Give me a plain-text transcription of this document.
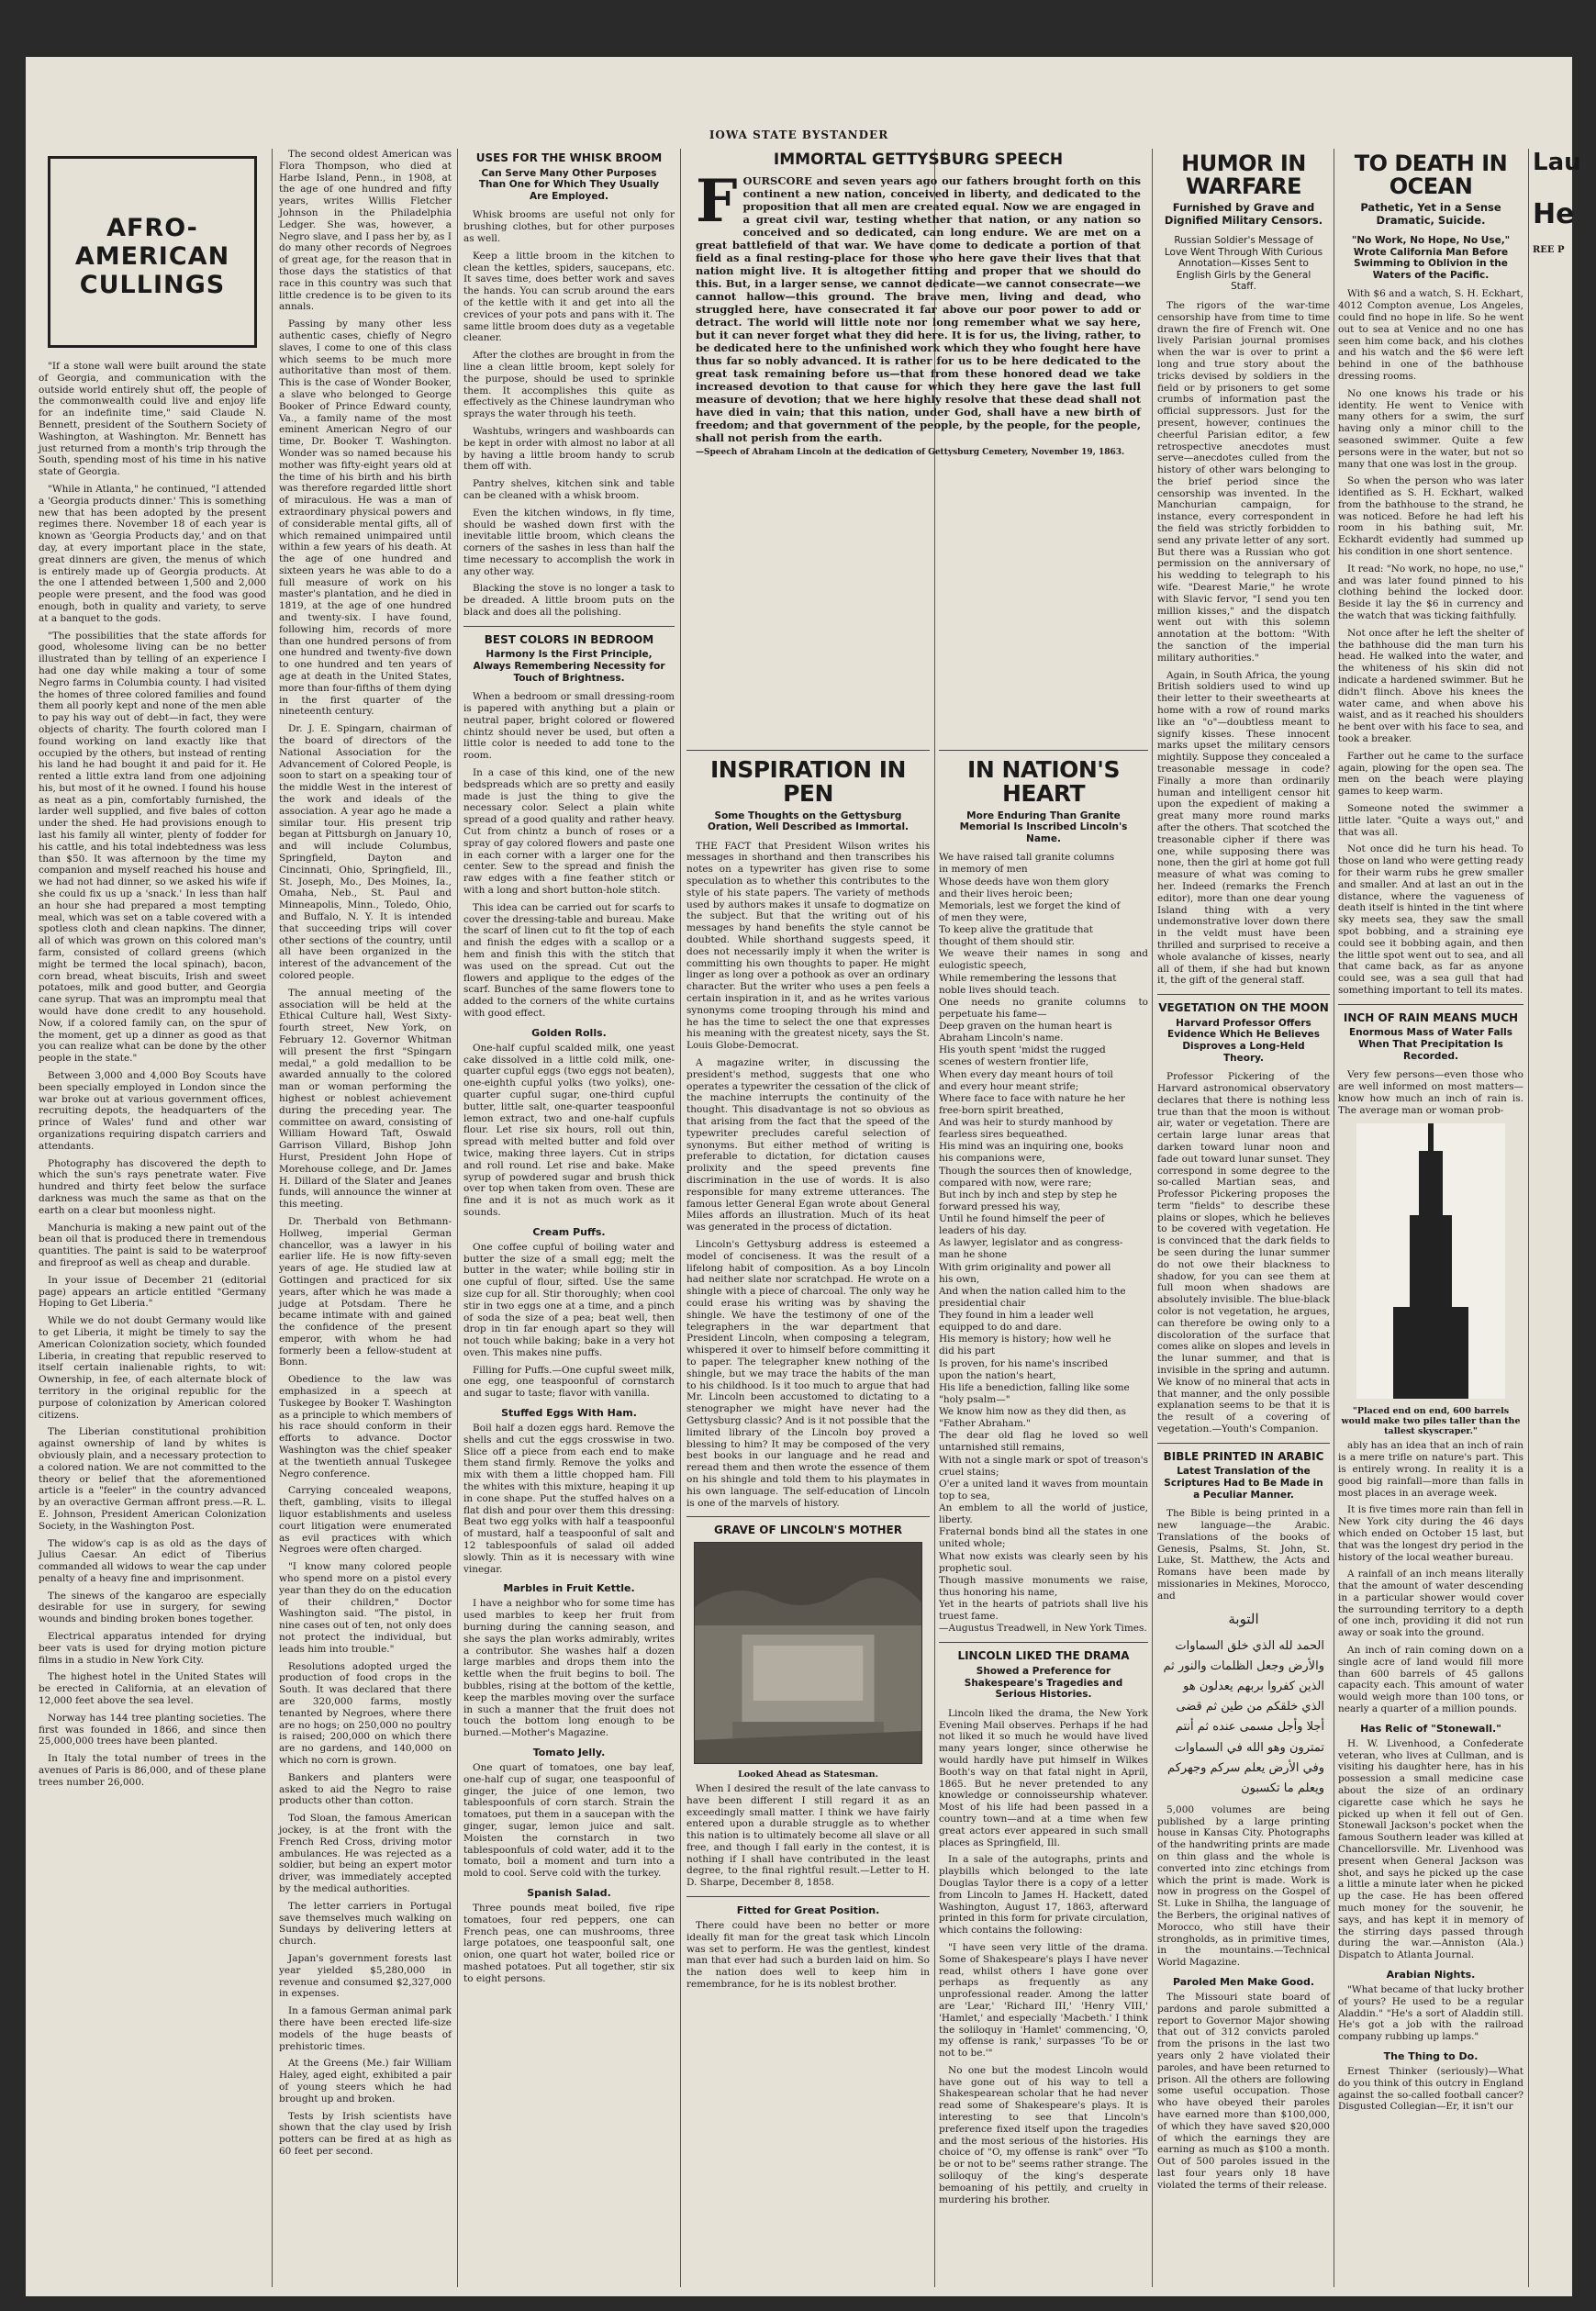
IOWA STATE BYSTANDER
AFRO-AMERICAN CULLINGS

"If a stone wall were built around the state of Georgia, and communication with the outside world entirely shut off, the people of the commonwealth could live and enjoy life for an indefinite time," said Claude N. Bennett, president of the Southern Society of Washington, at Washington. Mr. Bennett has just returned from a month's trip through the South, spending most of his time in his native state of Georgia.

"While in Atlanta," he continued, "I attended a 'Georgia products dinner.' This is something new that has been adopted by the present regimes there. November 18 of each year is known as 'Georgia Products day,' and on that day, at every important place in the state, great dinners are given, the menus of which is entirely made up of Georgia products. At the one I attended between 1,500 and 2,000 people were present, and the food was good enough, both in quality and variety, to serve at a banquet to the gods.

"The possibilities that the state affords for good, wholesome living can be no better illustrated than by telling of an experience I had one day while making a tour of some Negro farms in Columbia county. I had visited the homes of three colored families and found them all poorly kept and none of the men able to pay his way out of debt—in fact, they were objects of charity. The fourth colored man I found working on land exactly like that occupied by the others, but instead of renting his land he had bought it and paid for it. He rented a little extra land from one adjoining his, but most of it he owned. I found his house as neat as a pin, comfortably furnished, the larder well supplied, and five bales of cotton under the shed. He had provisions enough to last his family all winter, plenty of fodder for his cattle, and his total indebtedness was less than $50. It was afternoon by the time my companion and myself reached his house and we had not had dinner, so we asked his wife if she could fix us up a 'snack.' In less than half an hour she had prepared a most tempting meal, which was set on a table covered with a spotless cloth and clean napkins. The dinner, all of which was grown on this colored man's farm, consisted of collard greens (which might be termed the local spinach), bacon, corn bread, wheat biscuits, Irish and sweet potatoes, milk and good butter, and Georgia cane syrup. That was an impromptu meal that would have done credit to any household. Now, if a colored family can, on the spur of the moment, get up a dinner as good as that you can realize what can be done by the other people in the state."

Between 3,000 and 4,000 Boy Scouts have been specially employed in London since the war broke out at various government offices, recruiting depots, the headquarters of the prince of Wales' fund and other war organizations requiring dispatch carriers and attendants.

Photography has discovered the depth to which the sun's rays penetrate water. Five hundred and thirty feet below the surface darkness was much the same as that on the earth on a clear but moonless night.

Manchuria is making a new paint out of the bean oil that is produced there in tremendous quantities. The paint is said to be waterproof and fireproof as well as cheap and durable.

In your issue of December 21 (editorial page) appears an article entitled "Germany Hoping to Get Liberia."

While we do not doubt Germany would like to get Liberia, it might be timely to say the American Colonization society, which founded Liberia, in creating that republic reserved to itself certain inalienable rights, to wit: Ownership, in fee, of each alternate block of territory in the original republic for the purpose of colonization by American colored citizens.

The Liberian constitutional prohibition against ownership of land by whites is obviously plain, and a necessary protection to a colored nation. We are not committed to the theory or belief that the aforementioned article is a "feeler" in the country advanced by an overactive German affront press.—R. L. E. Johnson, President American Colonization Society, in the Washington Post.

The widow's cap is as old as the days of Julius Caesar. An edict of Tiberius commanded all widows to wear the cap under penalty of a heavy fine and imprisonment.

The sinews of the kangaroo are especially desirable for use in surgery, for sewing wounds and binding broken bones together.

Electrical apparatus intended for drying beer vats is used for drying motion picture films in a studio in New York City.

The highest hotel in the United States will be erected in California, at an elevation of 12,000 feet above the sea level.

Norway has 144 tree planting societies. The first was founded in 1866, and since then 25,000,000 trees have been planted.

In Italy the total number of trees in the avenues of Paris is 86,000, and of these plane trees number 26,000.

The second oldest American was Flora Thompson, who died at Harbe Island, Penn., in 1908, at the age of one hundred and fifty years, writes Willis Fletcher Johnson in the Philadelphia Ledger. She was, however, a Negro slave, and I pass her by, as I do many other records of Negroes of great age, for the reason that in those days the statistics of that race in this country was such that little credence is to be given to its annals.

Passing by many other less authentic cases, chiefly of Negro slaves, I come to one of this class which seems to be much more authoritative than most of them. This is the case of Wonder Booker, a slave who belonged to George Booker of Prince Edward county, Va., a family name of the most eminent American Negro of our time, Dr. Booker T. Washington. Wonder was so named because his mother was fifty-eight years old at the time of his birth and his birth was therefore regarded little short of miraculous. He was a man of extraordinary physical powers and of considerable mental gifts, all of which remained unimpaired until within a few years of his death. At the age of one hundred and sixteen years he was able to do a full measure of work on his master's plantation, and he died in 1819, at the age of one hundred and twenty-six. I have found, following him, records of more than one hundred persons of from one hundred and twenty-five down to one hundred and ten years of age at death in the United States, more than four-fifths of them dying in the first quarter of the nineteenth century.

Dr. J. E. Spingarn, chairman of the board of directors of the National Association for the Advancement of Colored People, is soon to start on a speaking tour of the middle West in the interest of the work and ideals of the association. A year ago he made a similar tour. His present trip began at Pittsburgh on January 10, and will include Columbus, Springfield, Dayton and Cincinnati, Ohio, Springfield, Ill., St. Joseph, Mo., Des Moines, Ia., Omaha, Neb., St. Paul and Minneapolis, Minn., Toledo, Ohio, and Buffalo, N. Y. It is intended that succeeding trips will cover other sections of the country, until all have been organized in the interest of the advancement of the colored people.

The annual meeting of the association will be held at the Ethical Culture hall, West Sixty-fourth street, New York, on February 12. Governor Whitman will present the first "Spingarn medal," a gold medallion to be awarded annually to the colored man or woman performing the highest or noblest achievement during the preceding year. The committee on award, consisting of William Howard Taft, Oswald Garrison Villard, Bishop John Hurst, President John Hope of Morehouse college, and Dr. James H. Dillard of the Slater and Jeanes funds, will announce the winner at this meeting.

Dr. Therbald von Bethmann-Hollweg, imperial German chancellor, was a lawyer in his earlier life. He is now fifty-seven years of age. He studied law at Gottingen and practiced for six years, after which he was made a judge at Potsdam. There he became intimate with and gained the confidence of the present emperor, with whom he had formerly been a fellow-student at Bonn.

Obedience to the law was emphasized in a speech at Tuskegee by Booker T. Washington as a principle to which members of his race should conform in their efforts to advance. Doctor Washington was the chief speaker at the twentieth annual Tuskegee Negro conference.

Carrying concealed weapons, theft, gambling, visits to illegal liquor establishments and useless court litigation were enumerated as evil practices with which Negroes were often charged.

"I know many colored people who spend more on a pistol every year than they do on the education of their children," Doctor Washington said. "The pistol, in nine cases out of ten, not only does not protect the individual, but leads him into trouble."

Resolutions adopted urged the production of food crops in the South. It was declared that there are 320,000 farms, mostly tenanted by Negroes, where there are no hogs; on 250,000 no poultry is raised; 200,000 on which there are no gardens, and 140,000 on which no corn is grown.

Bankers and planters were asked to aid the Negro to raise products other than cotton.

Tod Sloan, the famous American jockey, is at the front with the French Red Cross, driving motor ambulances. He was rejected as a soldier, but being an expert motor driver, was immediately accepted by the medical authorities.

The letter carriers in Portugal save themselves much walking on Sundays by delivering letters at church.

Japan's government forests last year yielded $5,280,000 in revenue and consumed $2,327,000 in expenses.

In a famous German animal park there have been erected life-size models of the huge beasts of prehistoric times.

At the Greens (Me.) fair William Haley, aged eight, exhibited a pair of young steers which he had brought up and broken.

Tests by Irish scientists have shown that the clay used by Irish potters can be fired at as high as 60 feet per second.

USES FOR THE WHISK BROOM
Can Serve Many Other Purposes Than One for Which They Usually Are Employed.

Whisk brooms are useful not only for brushing clothes, but for other purposes as well.

Keep a little broom in the kitchen to clean the kettles, spiders, saucepans, etc. It saves time, does better work and saves the hands. You can scrub around the ears of the kettle with it and get into all the crevices of your pots and pans with it. The same little broom does duty as a vegetable cleaner.

After the clothes are brought in from the line a clean little broom, kept solely for the purpose, should be used to sprinkle them. It accomplishes this quite as effectively as the Chinese laundryman who sprays the water through his teeth.

Washtubs, wringers and washboards can be kept in order with almost no labor at all by having a little broom handy to scrub them off with.

Pantry shelves, kitchen sink and table can be cleaned with a whisk broom.

Even the kitchen windows, in fly time, should be washed down first with the inevitable little broom, which cleans the corners of the sashes in less than half the time necessary to accomplish the work in any other way.

Blacking the stove is no longer a task to be dreaded. A little broom puts on the black and does all the polishing.

BEST COLORS IN BEDROOM
Harmony Is the First Principle, Always Remembering Necessity for Touch of Brightness.

When a bedroom or small dressing-room is papered with anything but a plain or neutral paper, bright colored or flowered chintz should never be used, but often a little color is needed to add tone to the room.

In a case of this kind, one of the new bedspreads which are so pretty and easily made is just the thing to give the necessary color. Select a plain white spread of a good quality and rather heavy. Cut from chintz a bunch of roses or a spray of gay colored flowers and paste one in each corner with a larger one for the center. Sew to the spread and finish the raw edges with a fine feather stitch or with a long and short button-hole stitch.

This idea can be carried out for scarfs to cover the dressing-table and bureau. Make the scarf of linen cut to fit the top of each and finish the edges with a scallop or a hem and finish this with the stitch that was used on the spread. Cut out the flowers and applique to the edges of the scarf. Bunches of the same flowers tone to added to the corners of the white curtains with good effect.

Golden Rolls.

One-half cupful scalded milk, one yeast cake dissolved in a little cold milk, one-quarter cupful eggs (two eggs not beaten), one-eighth cupful yolks (two yolks), one-quarter cupful sugar, one-third cupful butter, little salt, one-quarter teaspoonful lemon extract, two and one-half cupfuls flour. Let rise six hours, roll out thin, spread with melted butter and fold over twice, making three layers. Cut in strips and roll round. Let rise and bake. Make syrup of powdered sugar and brush thick over top when taken from oven. These are fine and it is not as much work as it sounds.

Cream Puffs.

One coffee cupful of boiling water and butter the size of a small egg; melt the butter in the water; while boiling stir in one cupful of flour, sifted. Use the same size cup for all. Stir thoroughly; when cool stir in two eggs one at a time, and a pinch of soda the size of a pea; beat well, then drop in tin far enough apart so they will not touch while baking; bake in a very hot oven. This makes nine puffs.

Filling for Puffs.—One cupful sweet milk, one egg, one teaspoonful of cornstarch and sugar to taste; flavor with vanilla.

Stuffed Eggs With Ham.

Boil half a dozen eggs hard. Remove the shells and cut the eggs crosswise in two. Slice off a piece from each end to make them stand firmly. Remove the yolks and mix with them a little chopped ham. Fill the whites with this mixture, heaping it up in cone shape. Put the stuffed halves on a flat dish and pour over them this dressing: Beat two egg yolks with half a teaspoonful of mustard, half a teaspoonful of salt and 12 tablespoonfuls of salad oil added slowly. Thin as it is necessary with wine vinegar.

Marbles in Fruit Kettle.

I have a neighbor who for some time has used marbles to keep her fruit from burning during the canning season, and she says the plan works admirably, writes a contributor. She washes half a dozen large marbles and drops them into the kettle when the fruit begins to boil. The bubbles, rising at the bottom of the kettle, keep the marbles moving over the surface in such a manner that the fruit does not touch the bottom long enough to be burned.—Mother's Magazine.

Tomato Jelly.

One quart of tomatoes, one bay leaf, one-half cup of sugar, one teaspoonful of ginger, the juice of one lemon, two tablespoonfuls of corn starch. Strain the tomatoes, put them in a saucepan with the ginger, sugar, lemon juice and salt. Moisten the cornstarch in two tablespoonfuls of cold water, add it to the tomato, boil a moment and turn into a mold to cool. Serve cold with the turkey.

Spanish Salad.

Three pounds meat boiled, five ripe tomatoes, four red peppers, one can French peas, one can mushrooms, three large potatoes, one teaspoonful salt, one onion, one quart hot water, boiled rice or mashed potatoes. Put all together, stir six to eight persons.

IMMORTAL GETTYSBURG SPEECH
FOURSCORE and seven years ago our fathers brought forth on this continent a new nation, conceived in liberty, and dedicated to the proposition that all men are created equal. Now we are engaged in a great civil war, testing whether that nation, or any nation so conceived and so dedicated, can long endure. We are met on a great battlefield of that war. We have come to dedicate a portion of that field as a final resting-place for those who here gave their lives that that nation might live. It is altogether fitting and proper that we should do this. But, in a larger sense, we cannot dedicate—we cannot consecrate—we cannot hallow—this ground. The brave men, living and dead, who struggled here, have consecrated it far above our poor power to add or detract. The world will little note nor long remember what we say here, but it can never forget what they did here. It is for us, the living, rather, to be dedicated here to the unfinished work which they who fought here have thus far so nobly advanced. It is rather for us to be here dedicated to the great task remaining before us—that from these honored dead we take increased devotion to that cause for which they here gave the last full measure of devotion; that we here highly resolve that these dead shall not have died in vain; that this nation, under God, shall have a new birth of freedom; and that government of the people, by the people, for the people, shall not perish from the earth.
—Speech of Abraham Lincoln at the dedication of Gettysburg Cemetery, November 19, 1863.
INSPIRATION IN PEN
Some Thoughts on the Gettysburg Oration, Well Described as Immortal.

THE FACT that President Wilson writes his messages in shorthand and then transcribes his notes on a typewriter has given rise to some speculation as to whether this contributes to the style of his state papers. The variety of methods used by authors makes it unsafe to dogmatize on the subject. But that the writing out of his messages by hand benefits the style cannot be doubted. While shorthand suggests speed, it does not necessarily imply it when the writer is committing his own thoughts to paper. He might linger as long over a pothook as over an ordinary character. But the writer who uses a pen feels a certain inspiration in it, and as he writes various synonyms come trooping through his mind and he has the time to select the one that expresses his meaning with the greatest nicety, says the St. Louis Globe-Democrat.

A magazine writer, in discussing the president's method, suggests that one who operates a typewriter the cessation of the click of the machine interrupts the continuity of the thought. This disadvantage is not so obvious as that arising from the fact that the speed of the typewriter precludes careful selection of synonyms. But either method of writing is preferable to dictation, for dictation causes prolixity and the speed prevents fine discrimination in the use of words. It is also responsible for many extreme utterances. The famous letter General Egan wrote about General Miles affords an illustration. Much of its heat was generated in the process of dictation.

Lincoln's Gettysburg address is esteemed a model of conciseness. It was the result of a lifelong habit of composition. As a boy Lincoln had neither slate nor scratchpad. He wrote on a shingle with a piece of charcoal. The only way he could erase his writing was by shaving the shingle. We have the testimony of one of the telegraphers in the war department that President Lincoln, when composing a telegram, whispered it over to himself before committing it to paper. The telegrapher knew nothing of the shingle, but we may trace the habits of the man to his childhood. Is it too much to argue that had Mr. Lincoln been accustomed to dictating to a stenographer we might have never had the Gettysburg classic? And is it not possible that the limited library of the Lincoln boy proved a blessing to him? It may be composed of the very best books in our language and he read and reread them and then wrote the essence of them on his shingle and told them to his playmates in his own language. The self-education of Lincoln is one of the marvels of history.

GRAVE OF LINCOLN'S MOTHER
Looked Ahead as Statesman.

When I desired the result of the late canvass to have been different I still regard it as an exceedingly small matter. I think we have fairly entered upon a durable struggle as to whether this nation is to ultimately become all slave or all free, and though I fall early in the contest, it is nothing if I shall have contributed in the least degree, to the final rightful result.—Letter to H. D. Sharpe, December 8, 1858.

Fitted for Great Position.

There could have been no better or more ideally fit man for the great task which Lincoln was set to perform. He was the gentlest, kindest man that ever had such a burden laid on him. So the nation does well to keep him in remembrance, for he is its noblest brother.

IN NATION'S HEART
More Enduring Than Granite Memorial Is Inscribed Lincoln's Name.

We have raised tall granite columns

in memory of men

Whose deeds have won them glory

and their lives heroic been;

Memorials, lest we forget the kind of

of men they were,

To keep alive the gratitude that

thought of them should stir.

We weave their names in song and eulogistic speech,

While remembering the lessons that

noble lives should teach.

One needs no granite columns to perpetuate his fame—

Deep graven on the human heart is

Abraham Lincoln's name.

His youth spent 'midst the rugged

scenes of western frontier life,

When every day meant hours of toil

and every hour meant strife;

Where face to face with nature he her

free-born spirit breathed,

And was heir to sturdy manhood by

fearless sires bequeathed.

His mind was an inquiring one, books

his companions were,

Though the sources then of knowledge,

compared with now, were rare;

But inch by inch and step by step he

forward pressed his way,

Until he found himself the peer of

leaders of his day.

As lawyer, legislator and as congress-

man he shone

With grim originality and power all

his own,

And when the nation called him to the

presidential chair

They found in him a leader well

equipped to do and dare.

His memory is history; how well he

did his part

Is proven, for his name's inscribed

upon the nation's heart,

His life a benediction, falling like some

"holy psalm—"

We know him now as they did then, as

"Father Abraham."

The dear old flag he loved so well untarnished still remains,

With not a single mark or spot of treason's cruel stains;

O'er a united land it waves from mountain top to sea,

An emblem to all the world of justice, liberty.

Fraternal bonds bind all the states in one united whole;

What now exists was clearly seen by his prophetic soul.

Though massive monuments we raise, thus honoring his name,

Yet in the hearts of patriots shall live his truest fame.

—Augustus Treadwell, in New York Times.

LINCOLN LIKED THE DRAMA
Showed a Preference for Shakespeare's Tragedies and Serious Histories.

Lincoln liked the drama, the New York Evening Mail observes. Perhaps if he had not liked it so much he would have lived many years longer, since otherwise he would hardly have put himself in Wilkes Booth's way on that fatal night in April, 1865. But he never pretended to any knowledge or connoisseurship whatever. Most of his life had been passed in a country town—and at a time when few great actors ever appeared in such small places as Springfield, Ill.

In a sale of the autographs, prints and playbills which belonged to the late Douglas Taylor there is a copy of a letter from Lincoln to James H. Hackett, dated Washington, August 17, 1863, afterward printed in this form for private circulation, which contains the following:

"I have seen very little of the drama. Some of Shakespeare's plays I have never read, whilst others I have gone over perhaps as frequently as any unprofessional reader. Among the latter are 'Lear,' 'Richard III,' 'Henry VIII,' 'Hamlet,' and especially 'Macbeth.' I think the soliloquy in 'Hamlet' commencing, 'O, my offense is rank,' surpasses 'To be or not to be.'"

No one but the modest Lincoln would have gone out of his way to tell a Shakespearean scholar that he had never read some of Shakespeare's plays. It is interesting to see that Lincoln's preference fixed itself upon the tragedies and the most serious of the histories. His choice of "O, my offense is rank" over "To be or not to be" seems rather strange. The soliloquy of the king's desperate bemoaning of his pettily, and cruelty in murdering his brother.

HUMOR IN WARFARE
Furnished by Grave and Dignified Military Censors.
Russian Soldier's Message of Love Went Through With Curious Annotation—Kisses Sent to English Girls by the General Staff.

The rigors of the war-time censorship have from time to time drawn the fire of French wit. One lively Parisian journal promises when the war is over to print a long and true story about the tricks devised by soldiers in the field or by prisoners to get some crumbs of information past the official suppressors. Just for the present, however, continues the cheerful Parisian editor, a few retrospective anecdotes must serve—anecdotes culled from the history of other wars belonging to the brief period since the censorship was invented. In the Manchurian campaign, for instance, every correspondent in the field was strictly forbidden to send any private letter of any sort. But there was a Russian who got permission on the anniversary of his wedding to telegraph to his wife. "Dearest Marie," he wrote with Slavic fervor, "I send you ten million kisses," and the dispatch went out with this solemn annotation at the bottom: "With the sanction of the imperial military authorities."

Again, in South Africa, the young British soldiers used to wind up their letter to their sweethearts at home with a row of round marks like an "o"—doubtless meant to signify kisses. These innocent marks upset the military censors mightily. Suppose they concealed a treasonable message in code? Finally a more than ordinarily human and intelligent censor hit upon the expedient of making a great many more round marks after the others. That scotched the treasonable cipher if there was one, while supposing there was none, then the girl at home got full measure of what was coming to her. Indeed (remarks the French editor), more than one dear young Island thing with a very undemonstrative lover down there in the veldt must have been thrilled and surprised to receive a whole avalanche of kisses, nearly all of them, if she had but known it, the gift of the general staff.

VEGETATION ON THE MOON
Harvard Professor Offers Evidence Which He Believes Disproves a Long-Held Theory.

Professor Pickering of the Harvard astronomical observatory declares that there is nothing less true than that the moon is without air, water or vegetation. There are certain large lunar areas that darken toward lunar noon and fade out toward lunar sunset. They correspond in some degree to the so-called Martian seas, and Professor Pickering proposes the term "fields" to describe these plains or slopes, which he believes to be covered with vegetation. He is convinced that the dark fields to be seen during the lunar summer do not owe their blackness to shadow, for you can see them at full moon when shadows are absolutely invisible. The blue-black color is not vegetation, he argues, can therefore be owing only to a discoloration of the surface that comes alike on slopes and levels in the lunar summer, and that is invisible in the spring and autumn. We know of no mineral that acts in that manner, and the only possible explanation seems to be that it is the result of a covering of vegetation.—Youth's Companion.

BIBLE PRINTED IN ARABIC
Latest Translation of the Scriptures Had to Be Made in a Peculiar Manner.

The Bible is being printed in a new language—the Arabic. Translations of the books of Genesis, Psalms, St. John, St. Luke, St. Matthew, the Acts and Romans have been made by missionaries in Mekines, Morocco, and

التوبة
الحمد لله الذي خلق السماوات والأرض وجعل الظلمات والنور ثم الذين كفروا بربهم يعدلون هو الذي خلقكم من طين ثم قضى أجلا وأجل مسمى عنده ثم أنتم تمترون وهو الله في السماوات وفي الأرض يعلم سركم وجهركم ويعلم ما تكسبون

5,000 volumes are being published by a large printing house in Kansas City. Photographs of the handwriting prints are made on thin glass and the whole is converted into zinc etchings from which the print is made. Work is now in progress on the Gospel of St. Luke in Shilha, the language of the Berbers, the original natives of Morocco, who still have their strongholds, as in primitive times, in the mountains.—Technical World Magazine.

Paroled Men Make Good.

The Missouri state board of pardons and parole submitted a report to Governor Major showing that out of 312 convicts paroled from the prisons in the last two years only 2 have violated their paroles, and have been returned to prison. All the others are following some useful occupation. Those who have obeyed their paroles have earned more than $100,000, of which they have saved $20,000 of which the earnings they are earning as much as $100 a month. Out of 500 paroles issued in the last four years only 18 have violated the terms of their release.

TO DEATH IN OCEAN
Pathetic, Yet in a Sense Dramatic, Suicide.
"No Work, No Hope, No Use," Wrote California Man Before Swimming to Oblivion in the Waters of the Pacific.

With $6 and a watch, S. H. Eckhart, 4012 Compton avenue, Los Angeles, could find no hope in life. So he went out to sea at Venice and no one has seen him come back, and his clothes and his watch and the $6 were left behind in one of the bathhouse dressing rooms.

No one knows his trade or his identity. He went to Venice with many others for a swim, the surf having only a minor chill to the seasoned swimmer. Quite a few persons were in the water, but not so many that one was lost in the group.

So when the person who was later identified as S. H. Eckhart, walked from the bathhouse to the strand, he was noticed. Before he had left his room in his bathing suit, Mr. Eckhardt evidently had summed up his condition in one short sentence.

It read: "No work, no hope, no use," and was later found pinned to his clothing behind the locked door. Beside it lay the $6 in currency and the watch that was ticking faithfully.

Not once after he left the shelter of the bathhouse did the man turn his head. He walked into the water, and the whiteness of his skin did not indicate a hardened swimmer. But he didn't flinch. Above his knees the water came, and when above his waist, and as it reached his shoulders he bent over with his face to sea, and took a breaker.

Farther out he came to the surface again, plowing for the open sea. The men on the beach were playing games to keep warm.

Someone noted the swimmer a little later. "Quite a ways out," and that was all.

Not once did he turn his head. To those on land who were getting ready for their warm rubs he grew smaller and smaller. And at last an out in the distance, where the vagueness of death itself is hinted in the tint where sky meets sea, they saw the small spot bobbing, and a straining eye could see it bobbing again, and then the little spot went out to sea, and all that came back, as far as anyone could see, was a sea gull that had something important to tell its mates.

INCH OF RAIN MEANS MUCH
Enormous Mass of Water Falls When That Precipitation Is Recorded.

Very few persons—even those who are well informed on most matters—know how much an inch of rain is. The average man or woman prob-

"Placed end on end, 600 barrels would make two piles taller than the tallest skyscraper."

ably has an idea that an inch of rain is a mere trifle on nature's part. This is entirely wrong. In reality it is a good big rainfall—more than falls in most places in an average week.

It is five times more rain than fell in New York city during the 46 days which ended on October 15 last, but that was the longest dry period in the history of the local weather bureau.

A rainfall of an inch means literally that the amount of water descending in a particular shower would cover the surrounding territory to a depth of one inch, providing it did not run away or soak into the ground.

An inch of rain coming down on a single acre of land would fill more than 600 barrels of 45 gallons capacity each. This amount of water would weigh more than 100 tons, or nearly a quarter of a million pounds.

Has Relic of "Stonewall."

H. W. Livenhood, a Confederate veteran, who lives at Cullman, and is visiting his daughter here, has in his possession a small medicine case about the size of an ordinary cigarette case which he says he picked up when it fell out of Gen. Stonewall Jackson's pocket when the famous Southern leader was killed at Chancellorsville. Mr. Livenhood was present when General Jackson was shot, and says he picked up the case a little a minute later when he picked up the case. He has been offered much money for the souvenir, he says, and has kept it in memory of the stirring days passed through during the war.—Anniston (Ala.) Dispatch to Atlanta Journal.

Arabian Nights.

"What became of that lucky brother of yours? He used to be a regular Aladdin." "He's a sort of Aladdin still. He's got a job with the railroad company rubbing up lamps."

The Thing to Do.

Ernest Thinker (seriously)—What do you think of this outcry in England against the so-called football cancer? Disgusted Collegian—Er, it isn't our

Lau
He
REE P
